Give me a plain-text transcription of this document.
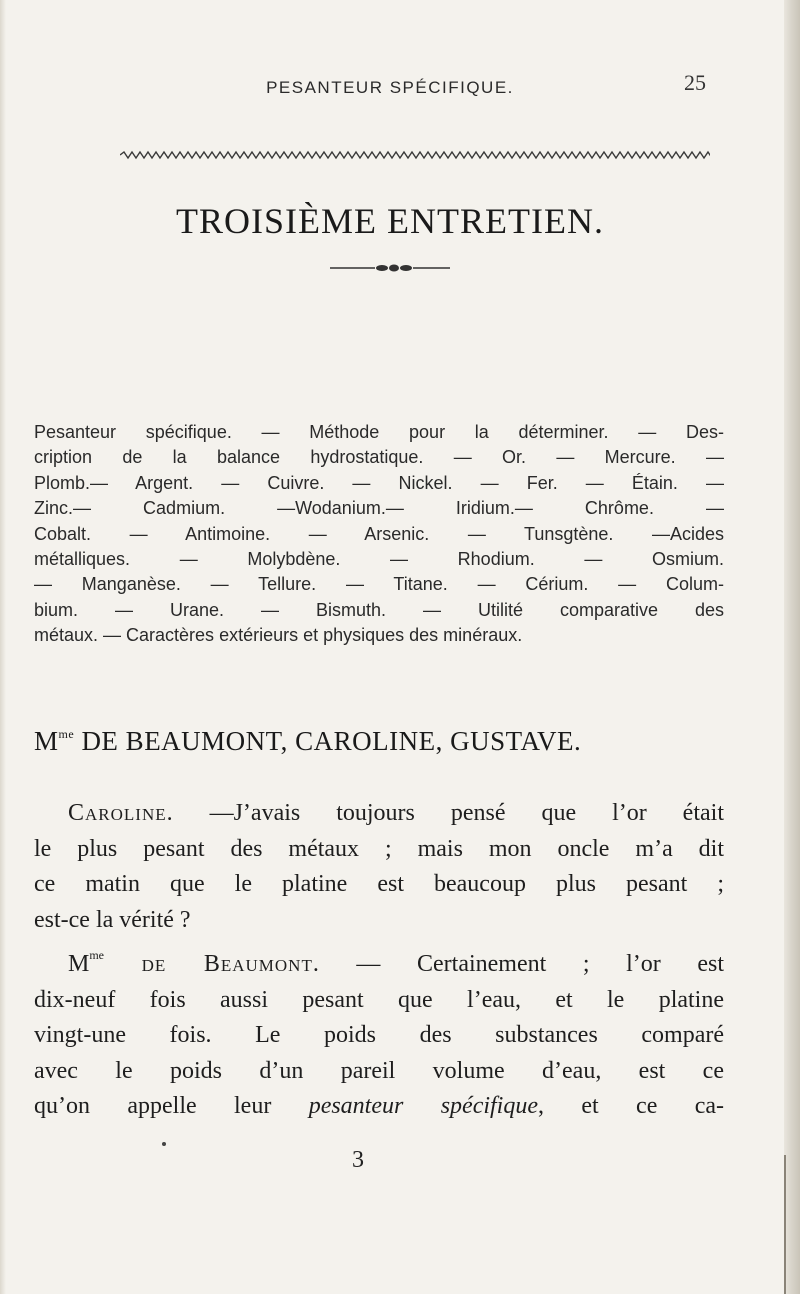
PESANTEUR SPÉCIFIQUE.	25
TROISIÈME ENTRETIEN.
Pesanteur spécifique. — Méthode pour la déterminer. — Des-
cription de la balance hydrostatique. — Or. — Mercure. —
Plomb.— Argent. — Cuivre. — Nickel. — Fer. — Étain. —
Zinc.— Cadmium. —Wodanium.— Iridium.— Chrôme. —
Cobalt. — Antimoine. — Arsenic. — Tunsgtène. —Acides
métalliques. — Molybdène. — Rhodium. — Osmium.
— Manganèse. — Tellure. — Titane. — Cérium. — Colum-
bium. — Urane. — Bismuth. — Utilité comparative des
métaux. — Caractères extérieurs et physiques des minéraux.
$M^{me}$ DE BEAUMONT, CAROLINE, GUSTAVE.
Caroline. —J’avais toujours pensé que l’or était
le plus pesant des métaux ; mais mon oncle m’a dit
ce matin que le platine est beaucoup plus pesant ;
est-ce la vérité ?
$M^{me}$ de Beaumont. — Certainement ; l’or est
dix-neuf fois aussi pesant que l’eau, et le platine
vingt-une fois. Le poids des substances comparé
avec le poids d’un pareil volume d’eau, est ce
qu’on appelle leur pesanteur spécifique, et ce ca-
3
